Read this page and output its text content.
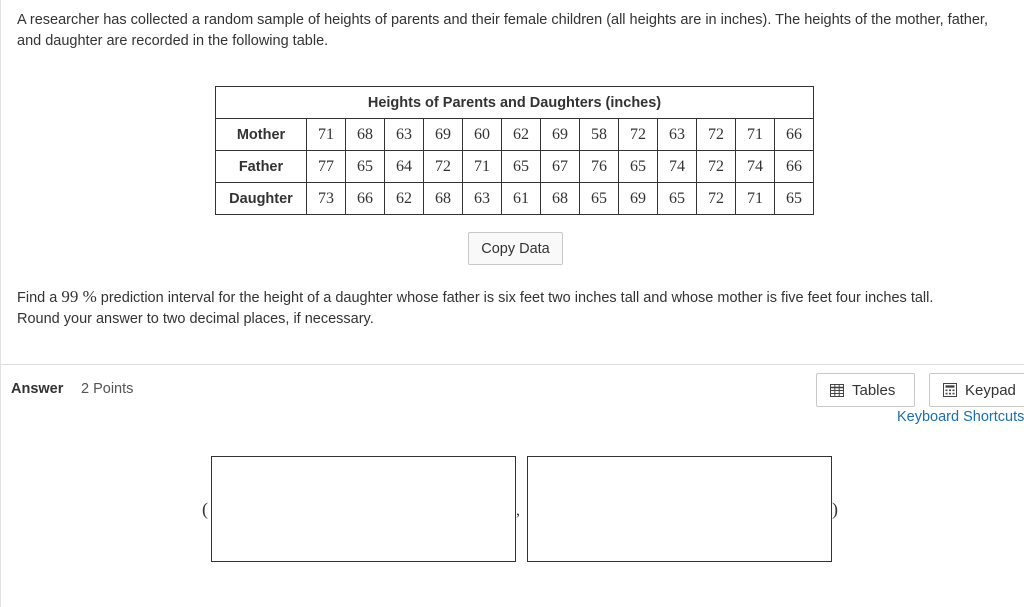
A researcher has collected a random sample of heights of parents and their female children (all heights are in inches). The heights of the mother, father, and daughter are recorded in the following table.
Heights of Parents and Daughters (inches)													
Mother	71	68	63	69	60	62	69	58	72	63	72	71	66
Father	77	65	64	72	71	65	67	76	65	74	72	74	66
Daughter	73	66	62	68	63	61	68	65	69	65	72	71	65
Copy Data
Find a 99 % prediction interval for the height of a daughter whose father is six feet two inches tall and whose mother is five feet four inches tall.
Round your answer to two decimal places, if necessary.
Answer 2 Points	Tables	Keypad
Keyboard Shortcuts
(	,	)
